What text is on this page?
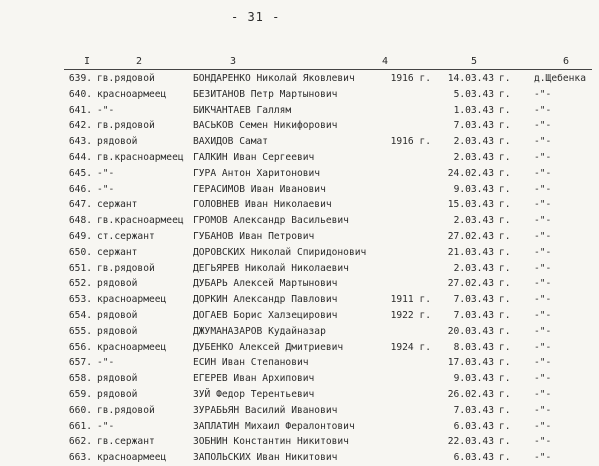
- 31 -
I	2	3	4	5	6
639. гв.рядовой	БОНДАРЕНКО Николай Яковлевич	1916 г. 14.03.43 г. д.Щебенка
640. красноармеец	БЕЗИТАНОВ Петр Мартынович	5.03.43 г. -"-
641. -"-	БИКЧАНТАЕВ Галлям	1.03.43 г. -"-
642. гв.рядовой	ВАСЬКОВ Семен Никифорович	7.03.43 г. -"-
643. рядовой	ВАХИДОВ Самат	1916 г.	2.03.43 г. -"-
644. гв.красноармеец ГАЛКИН Иван Сергеевич	2.03.43 г. -"-
645. -"-	ГУРА Антон Харитонович	24.02.43 г. -"-
646. -"-	ГЕРАСИМОВ Иван Иванович	9.03.43 г. -"-
647. сержант	ГОЛОВНЕВ Иван Николаевич	15.03.43 г. -"-
648. гв.красноармеец ГРОМОВ Александр Васильевич	2.03.43 г. -"-
649. ст.сержант	ГУБАНОВ Иван Петрович	27.02.43 г. -"-
650. сержант	ДОРОВСКИХ Николай Спиридонович	21.03.43 г. -"-
651. гв.рядовой	ДЕГЬЯРЕВ Николай Николаевич	2.03.43 г. -"-
652. рядовой	ДУБАРЬ Алексей Мартынович	27.02.43 г. -"-
653. красноармеец	ДОРКИН Александр Павлович	1911 г.	7.03.43 г. -"-
654. рядовой	ДОГАЕВ Борис Халзецирович	1922 г.	7.03.43 г. -"-
655. рядовой	ДЖУМАНАЗАРОВ Кудайназар	20.03.43 г. -"-
656. красноармеец	ДУБЕНКО Алексей Дмитриевич	1924 г.	8.03.43 г. -"-
657. -"-	ЕСИН Иван Степанович	17.03.43 г. -"-
658. рядовой	ЕГЕРЕВ Иван Архипович	9.03.43 г. -"-
659. рядовой	ЗУЙ Федор Терентьевич	26.02.43 г. -"-
660. гв.рядовой	ЗУРАБЬЯН Василий Иванович	7.03.43 г. -"-
661. -"-	ЗАПЛАТИН Михаил Фералонтович	6.03.43 г. -"-
662. гв.сержант	ЗОБНИН Константин Никитович	22.03.43 г. -"-
663. красноармеец	ЗАПОЛЬСКИХ Иван Никитович	6.03.43 г. -"-
